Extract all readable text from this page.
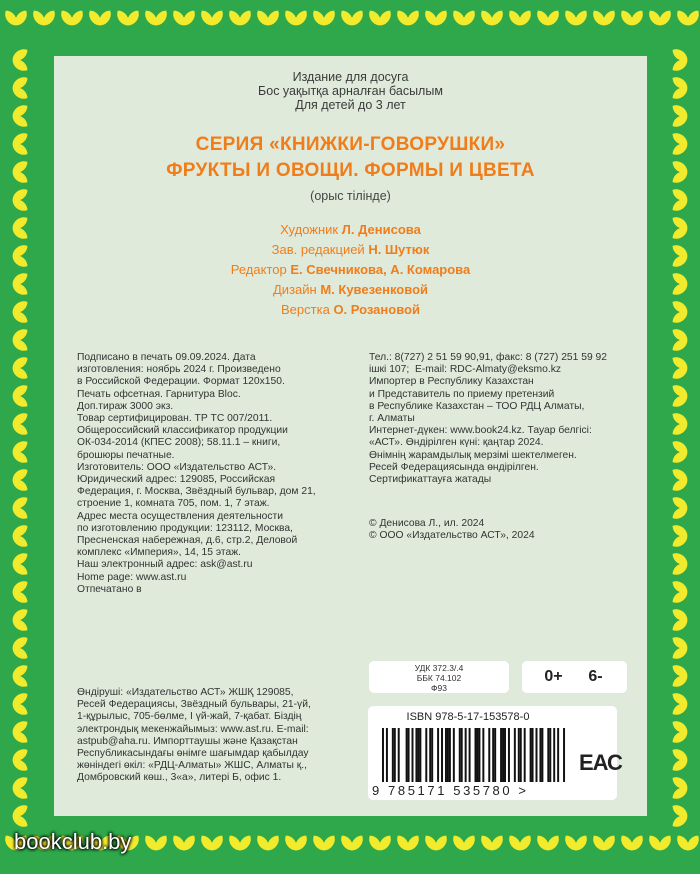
Издание для досуга
Бос уақытқа арналған басылым
Для детей до 3 лет
СЕРИЯ «КНИЖКИ-ГОВОРУШКИ»
ФРУКТЫ И ОВОЩИ. ФОРМЫ И ЦВЕТА
(орыс тілінде)
Художник Л. Денисова
Зав. редакцией Н. Шутюк
Редактор Е. Свечникова, А. Комарова
Дизайн М. Кувезенковой
Верстка О. Розановой
Подписано в печать 09.09.2024. Дата
изготовления: ноябрь 2024 г. Произведено
в Российской Федерации. Формат 120x150.
Печать офсетная. Гарнитура Bloc.
Доп.тираж 3000 экз.
Товар сертифицирован. ТР ТС 007/2011.
Общероссийский классификатор продукции
ОК-034-2014 (КПЕС 2008); 58.11.1 – книги,
брошюры печатные.
Изготовитель: ООО «Издательство АСТ».
Юридический адрес: 129085, Российская
Федерация, г. Москва, Звёздный бульвар, дом 21,
строение 1, комната 705, пом. 1, 7 этаж.
Адрес места осуществления деятельности
по изготовлению продукции: 123112, Москва,
Пресненская набережная, д.6, стр.2, Деловой
комплекс «Империя», 14, 15 этаж.
Наш электронный адрес: ask@ast.ru
Home page: www.ast.ru
Отпечатано в
Тел.: 8(727) 2 51 59 90,91, факс: 8 (727) 251 59 92
ішкі 107;  E-mail: RDC-Almaty@eksmo.kz
Импортер в Республику Казахстан
и Представитель по приему претензий
в Республике Казахстан – ТОО РДЦ Алматы,
г. Алматы
Интернет-дүкен: www.book24.kz. Тауар белгісі:
«АСТ». Өндірілген күні: қаңтар 2024.
Өнімнің жарамдылық мерзімі шектелмеген.
Ресей Федерациясында өндірілген.
Сертификаттауға жатады
© Денисова Л., ил. 2024
© ООО «Издательство АСТ», 2024
Өндіруші: «Издательство АСТ» ЖШҚ 129085,
Ресей Федерациясы, Звёздный бульвары, 21-үй,
1-құрылыс, 705-бөлме, І үй-жай, 7-қабат. Біздің
электрондық мекенжайымыз: www.ast.ru. E-mail:
astpub@aha.ru. Импорттаушы және Қазақстан
Республикасындағы өнімге шағымдар қабылдау
жөніндегі өкіл: «РДЦ-Алматы» ЖШС, Алматы қ.,
Домбровский көш., 3«а», литері Б, офис 1.
УДК 372.3/.4
ББК 74.102
Ф93
0+	6-
ISBN 978-5-17-153578-0
9 785171 535780 >
ЕАС
bookclub.by
